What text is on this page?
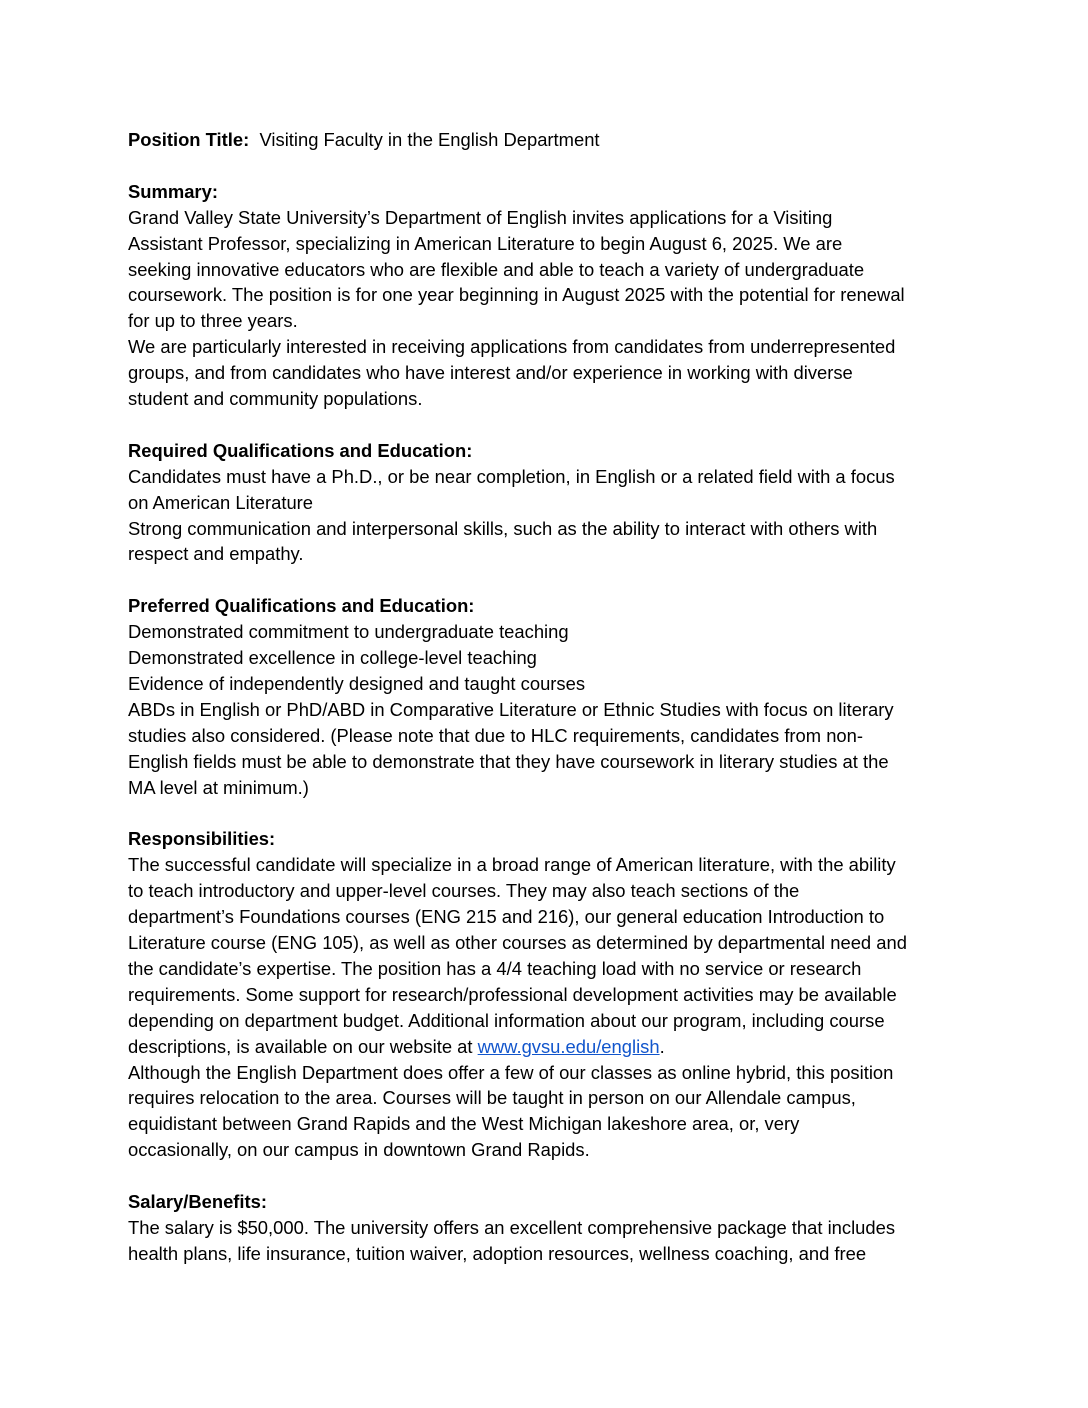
Position Title: Visiting Faculty in the English Department
Summary:
Grand Valley State University’s Department of English invites applications for a Visiting
Assistant Professor, specializing in American Literature to begin August 6, 2025. We are
seeking innovative educators who are flexible and able to teach a variety of undergraduate
coursework. The position is for one year beginning in August 2025 with the potential for renewal
for up to three years.
We are particularly interested in receiving applications from candidates from underrepresented
groups, and from candidates who have interest and/or experience in working with diverse
student and community populations.
Required Qualifications and Education:
Candidates must have a Ph.D., or be near completion, in English or a related field with a focus
on American Literature
Strong communication and interpersonal skills, such as the ability to interact with others with
respect and empathy.
Preferred Qualifications and Education:
Demonstrated commitment to undergraduate teaching
Demonstrated excellence in college-level teaching
Evidence of independently designed and taught courses
ABDs in English or PhD/ABD in Comparative Literature or Ethnic Studies with focus on literary
studies also considered. (Please note that due to HLC requirements, candidates from non-
English fields must be able to demonstrate that they have coursework in literary studies at the
MA level at minimum.)
Responsibilities:
The successful candidate will specialize in a broad range of American literature, with the ability
to teach introductory and upper-level courses. They may also teach sections of the
department’s Foundations courses (ENG 215 and 216), our general education Introduction to
Literature course (ENG 105), as well as other courses as determined by departmental need and
the candidate’s expertise. The position has a 4/4 teaching load with no service or research
requirements. Some support for research/professional development activities may be available
depending on department budget. Additional information about our program, including course
descriptions, is available on our website at www.gvsu.edu/english.
Although the English Department does offer a few of our classes as online hybrid, this position
requires relocation to the area. Courses will be taught in person on our Allendale campus,
equidistant between Grand Rapids and the West Michigan lakeshore area, or, very
occasionally, on our campus in downtown Grand Rapids.
Salary/Benefits:
The salary is $50,000. The university offers an excellent comprehensive package that includes
health plans, life insurance, tuition waiver, adoption resources, wellness coaching, and free
